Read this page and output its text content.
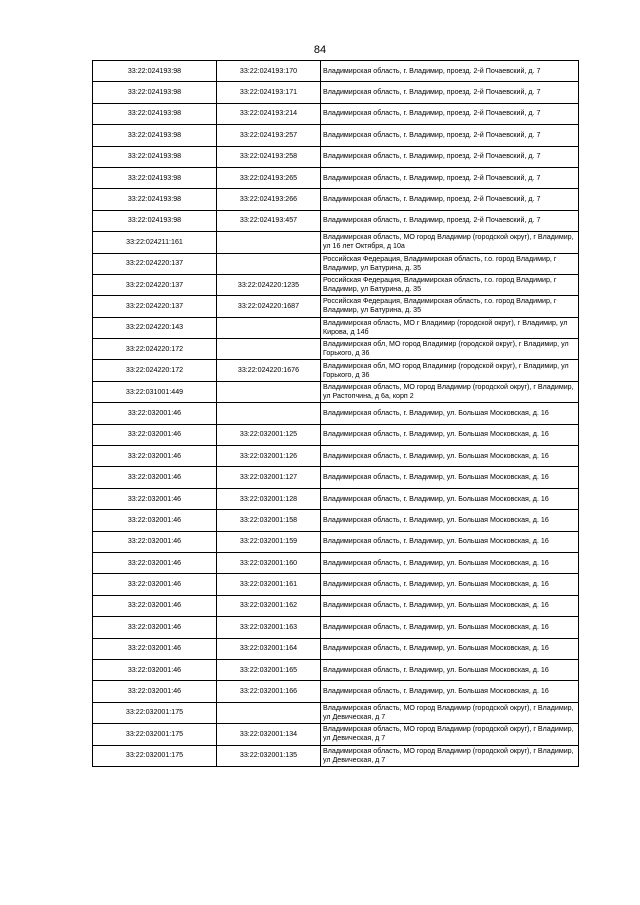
84
33:22:024193:98	33:22:024193:170	Владимирская область, г. Владимир, проезд. 2-й Почаевский, д. 7
33:22:024193:98	33:22:024193:171	Владимирская область, г. Владимир, проезд. 2-й Почаевский, д. 7
33:22:024193:98	33:22:024193:214	Владимирская область, г. Владимир, проезд. 2-й Почаевский, д. 7
33:22:024193:98	33:22:024193:257	Владимирская область, г. Владимир, проезд. 2-й Почаевский, д. 7
33:22:024193:98	33:22:024193:258	Владимирская область, г. Владимир, проезд. 2-й Почаевский, д. 7
33:22:024193:98	33:22:024193:265	Владимирская область, г. Владимир, проезд. 2-й Почаевский, д. 7
33:22:024193:98	33:22:024193:266	Владимирская область, г. Владимир, проезд. 2-й Почаевский, д. 7
33:22:024193:98	33:22:024193:457	Владимирская область, г. Владимир, проезд. 2-й Почаевский, д. 7
33:22:024211:161		Владимирская область, МО город Владимир (городской округ), г Владимир, ул 16 лет Октября, д 10а
33:22:024220:137		Российская Федерация, Владимирская область, г.о. город Владимир, г Владимир, ул Батурина, д. 35
33:22:024220:137	33:22:024220:1235	Российская Федерация, Владимирская область, г.о. город Владимир, г Владимир, ул Батурина, д. 35
33:22:024220:137	33:22:024220:1687	Российская Федерация, Владимирская область, г.о. город Владимир, г Владимир, ул Батурина, д. 35
33:22:024220:143		Владимирская область, МО г Владимир (городской округ), г Владимир, ул Кирова, д 14б
33:22:024220:172		Владимирская обл, МО город Владимир (городской округ), г Владимир, ул Горького, д 36
33:22:024220:172	33:22:024220:1676	Владимирская обл, МО город Владимир (городской округ), г Владимир, ул Горького, д 36
33:22:031001:449		Владимирская область, МО город Владимир (городской округ), г Владимир, ул Растопчина, д 6а, корп 2
33:22:032001:46		Владимирская область, г. Владимир, ул. Большая Московская, д. 16
33:22:032001:46	33:22:032001:125	Владимирская область, г. Владимир, ул. Большая Московская, д. 16
33:22:032001:46	33:22:032001:126	Владимирская область, г. Владимир, ул. Большая Московская, д. 16
33:22:032001:46	33:22:032001:127	Владимирская область, г. Владимир, ул. Большая Московская, д. 16
33:22:032001:46	33:22:032001:128	Владимирская область, г. Владимир, ул. Большая Московская, д. 16
33:22:032001:46	33:22:032001:158	Владимирская область, г. Владимир, ул. Большая Московская, д. 16
33:22:032001:46	33:22:032001:159	Владимирская область, г. Владимир, ул. Большая Московская, д. 16
33:22:032001:46	33:22:032001:160	Владимирская область, г. Владимир, ул. Большая Московская, д. 16
33:22:032001:46	33:22:032001:161	Владимирская область, г. Владимир, ул. Большая Московская, д. 16
33:22:032001:46	33:22:032001:162	Владимирская область, г. Владимир, ул. Большая Московская, д. 16
33:22:032001:46	33:22:032001:163	Владимирская область, г. Владимир, ул. Большая Московская, д. 16
33:22:032001:46	33:22:032001:164	Владимирская область, г. Владимир, ул. Большая Московская, д. 16
33:22:032001:46	33:22:032001:165	Владимирская область, г. Владимир, ул. Большая Московская, д. 16
33:22:032001:46	33:22:032001:166	Владимирская область, г. Владимир, ул. Большая Московская, д. 16
33:22:032001:175		Владимирская область, МО город Владимир (городской округ), г Владимир, ул Девическая, д 7
33:22:032001:175	33:22:032001:134	Владимирская область, МО город Владимир (городской округ), г Владимир, ул Девическая, д 7
33:22:032001:175	33:22:032001:135	Владимирская область, МО город Владимир (городской округ), г Владимир, ул Девическая, д 7
